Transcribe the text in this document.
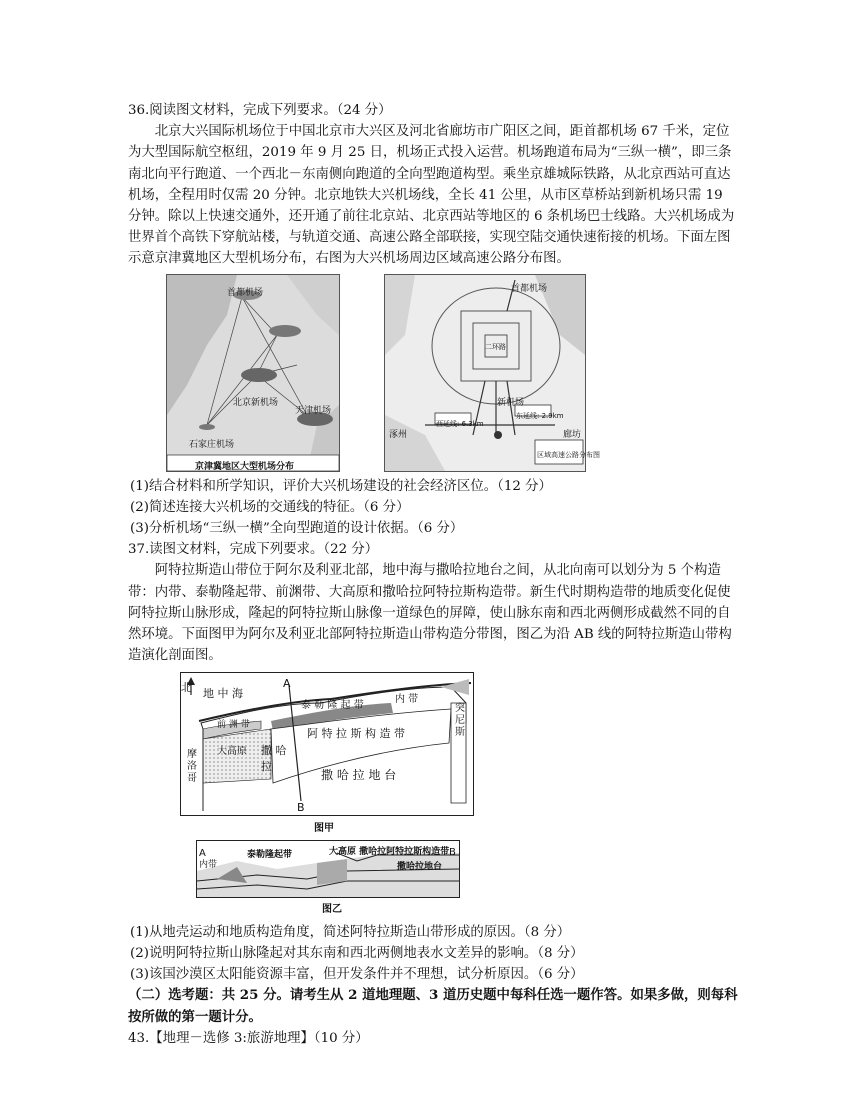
36.阅读图文材料，完成下列要求。（24 分）

北京大兴国际机场位于中国北京市大兴区及河北省廊坊市广阳区之间，距首都机场 67 千米，定位为大型国际航空枢纽，2019 年 9 月 25 日，机场正式投入运营。机场跑道布局为“三纵一横”，即三条南北向平行跑道、一个西北－东南侧向跑道的全向型跑道构型。乘坐京雄城际铁路，从北京西站可直达机场，全程用时仅需 20 分钟。北京地铁大兴机场线，全长 41 公里，从市区草桥站到新机场只需 19 分钟。除以上快速交通外，还开通了前往北京站、北京西站等地区的 6 条机场巴士线路。大兴机场成为世界首个高铁下穿航站楼，与轨道交通、高速公路全部联接，实现空陆交通快速衔接的机场。下面左图示意京津冀地区大型机场分布，右图为大兴机场周边区域高速公路分布图。

首都机场
北京新机场
天津机场
石家庄机场
京津冀地区大型机场分布
首都机场
二环路
新机场
廊坊
涿州
西延线: 6.3km
东延线: 2.9km
区域高速公路分布图

(1)结合材料和所学知识，评价大兴机场建设的社会经济区位。（12 分）

(2)简述连接大兴机场的交通线的特征。（6 分）

(3)分析机场“三纵一横”全向型跑道的设计依据。（6 分）

37.读图文材料，完成下列要求。（22 分）

阿特拉斯造山带位于阿尔及利亚北部，地中海与撒哈拉地台之间，从北向南可以划分为 5 个构造带：内带、泰勒隆起带、前渊带、大高原和撒哈拉阿特拉斯构造带。新生代时期构造带的地质变化促使阿特拉斯山脉形成，隆起的阿特拉斯山脉像一道绿色的屏障，使山脉东南和西北两侧形成截然不同的自然环境。下面图甲为阿尔及利亚北部阿特拉斯造山带构造分带图，图乙为沿 AB 线的阿特拉斯造山带构造演化剖面图。

北 地 中 海
A
B
内 带
泰 勒 隆 起 带
前 渊 带
大高原
阿 特 拉 斯 构 造 带
摩 洛 哥
突 尼 斯
撒 哈 拉
撒 哈 拉 地 台
图甲
A
内带
泰勒隆起带	大高原 撒哈拉阿特拉斯构造带 B
撒哈拉地台
图乙

(1)从地壳运动和地质构造角度，简述阿特拉斯造山带形成的原因。（8 分）

(2)说明阿特拉斯山脉隆起对其东南和西北两侧地表水文差异的影响。（8 分）

(3)该国沙漠区太阳能资源丰富，但开发条件并不理想，试分析原因。（6 分）

（二）选考题：共 25 分。请考生从 2 道地理题、3 道历史题中每科任选一题作答。如果多做，则每科按所做的第一题计分。

43.【地理－选修 3:旅游地理】（10 分）
